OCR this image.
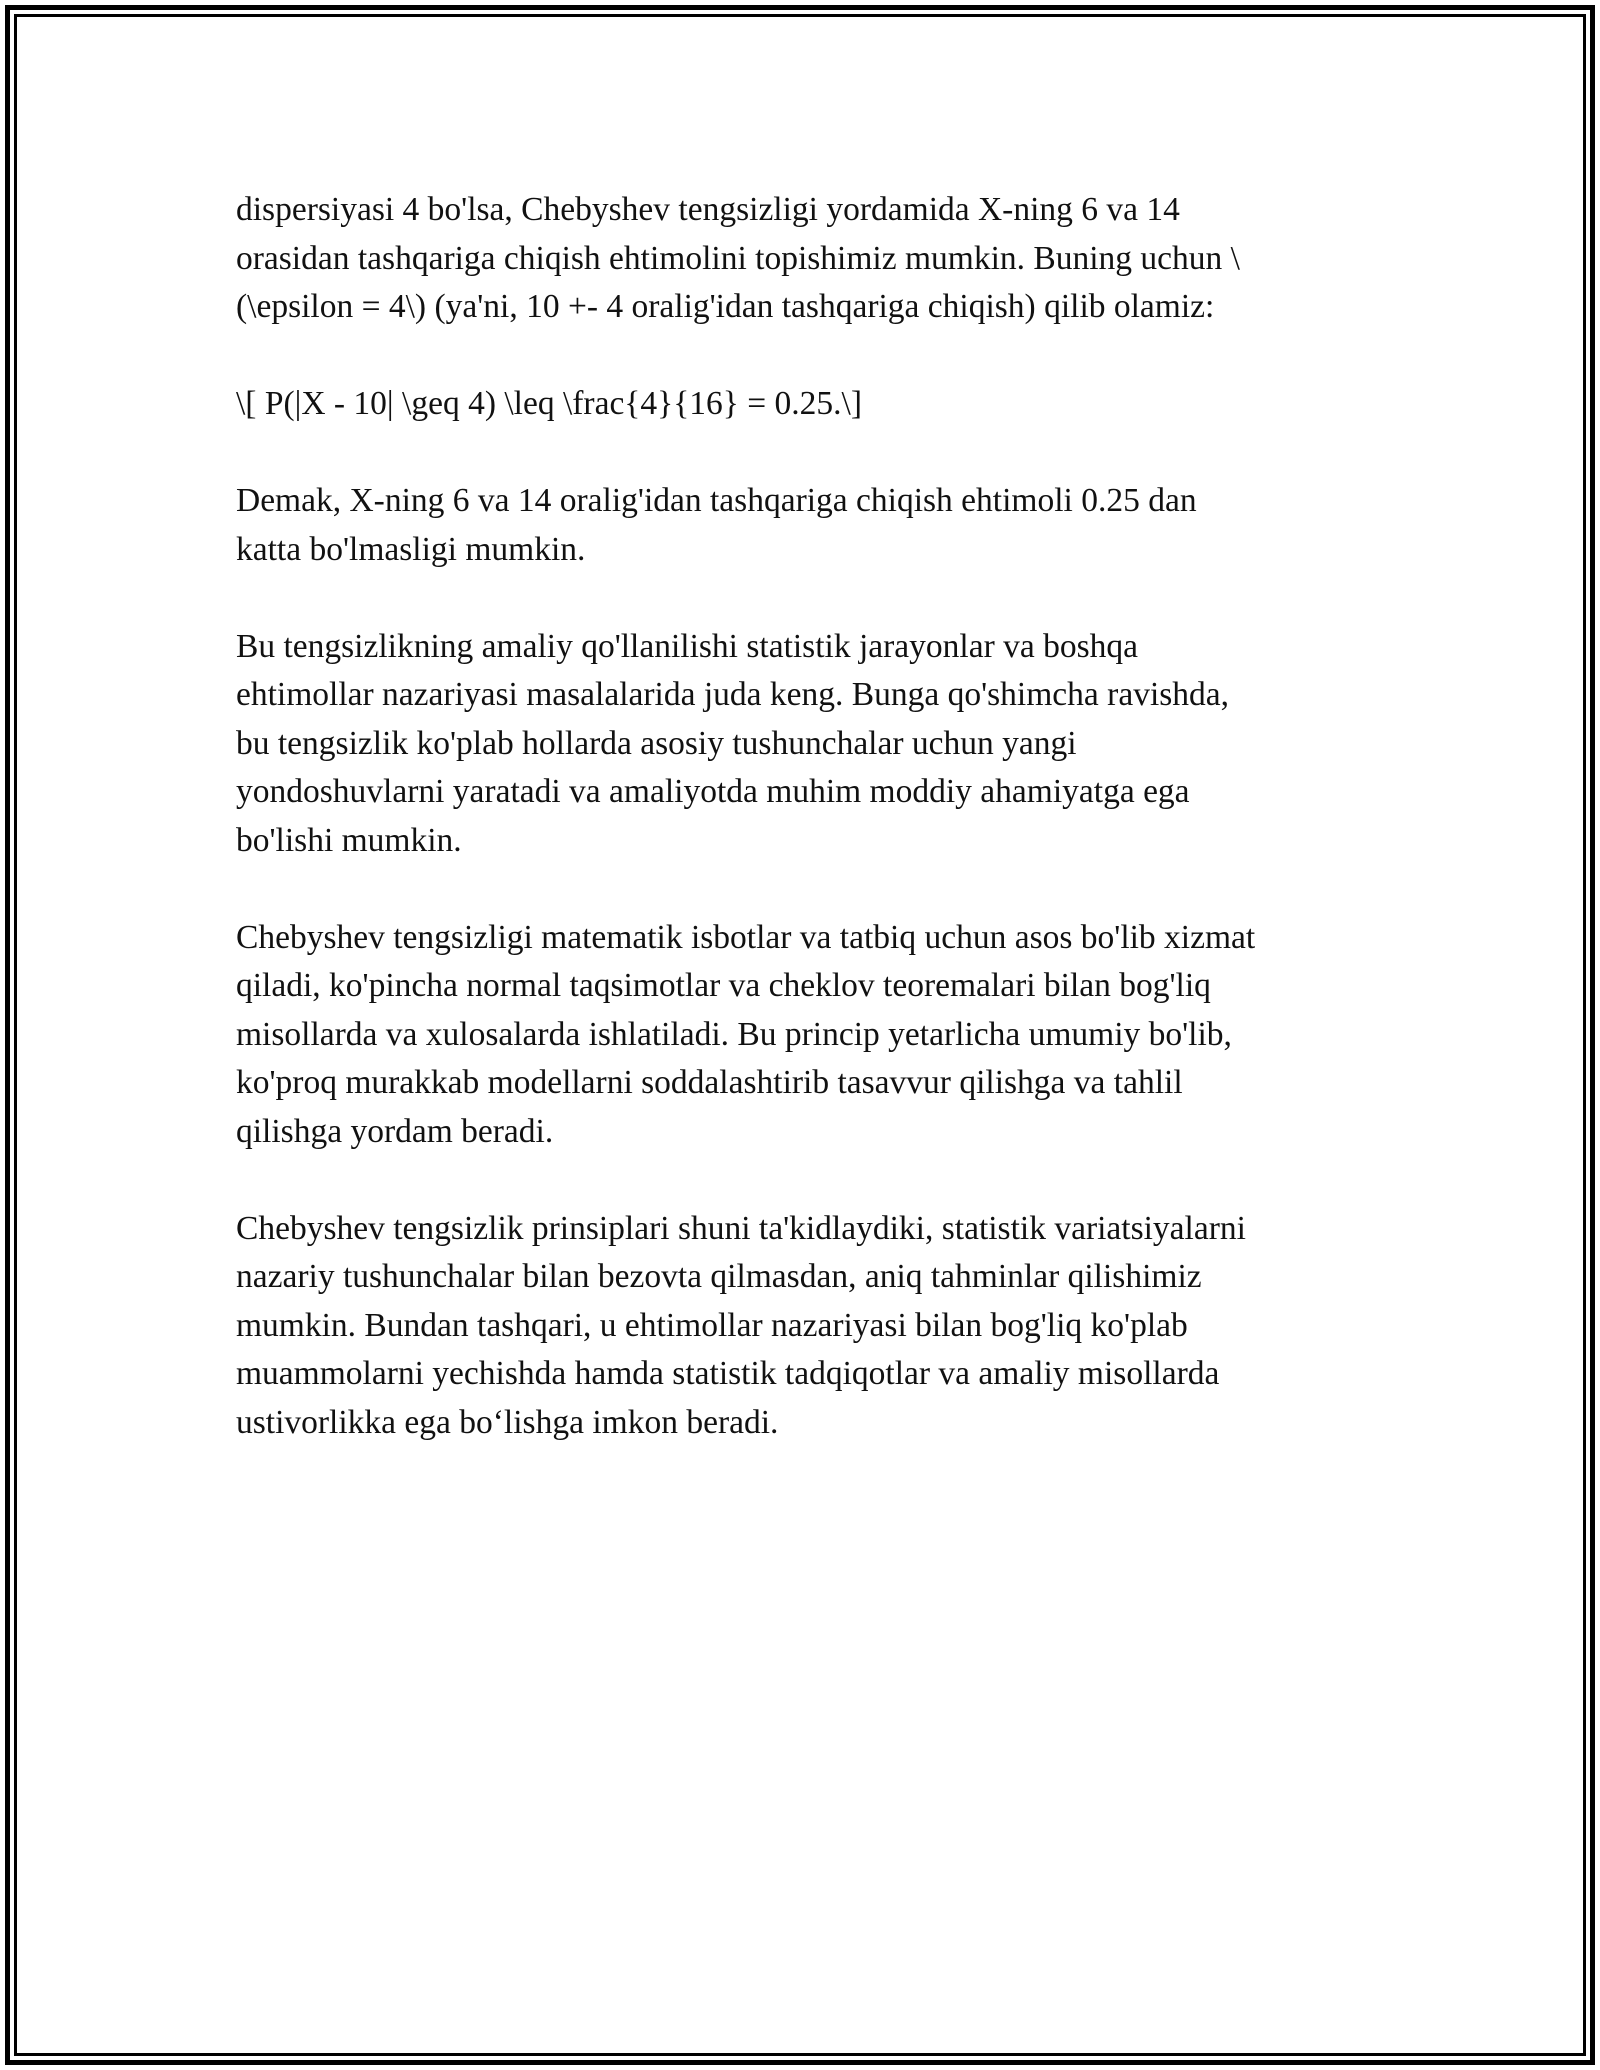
dispersiyasi 4 bo'lsa, Chebyshev tengsizligi yordamida X-ning 6 va 14
orasidan tashqariga chiqish ehtimolini topishimiz mumkin. Buning uchun \
(\epsilon = 4\) (ya'ni, 10 +- 4 oralig'idan tashqariga chiqish) qilib olamiz:

\[ P(|X - 10| \geq 4) \leq \frac{4}{16} = 0.25.\]

Demak, X-ning 6 va 14 oralig'idan tashqariga chiqish ehtimoli 0.25 dan
katta bo'lmasligi mumkin.

Bu tengsizlikning amaliy qo'llanilishi statistik jarayonlar va boshqa
ehtimollar nazariyasi masalalarida juda keng. Bunga qo'shimcha ravishda,
bu tengsizlik ko'plab hollarda asosiy tushunchalar uchun yangi
yondoshuvlarni yaratadi va amaliyotda muhim moddiy ahamiyatga ega
bo'lishi mumkin.

Chebyshev tengsizligi matematik isbotlar va tatbiq uchun asos bo'lib xizmat
qiladi, ko'pincha normal taqsimotlar va cheklov teoremalari bilan bog'liq
misollarda va xulosalarda ishlatiladi. Bu princip yetarlicha umumiy bo'lib,
ko'proq murakkab modellarni soddalashtirib tasavvur qilishga va tahlil
qilishga yordam beradi.

Chebyshev tengsizlik prinsiplari shuni ta'kidlaydiki, statistik variatsiyalarni
nazariy tushunchalar bilan bezovta qilmasdan, aniq tahminlar qilishimiz
mumkin. Bundan tashqari, u ehtimollar nazariyasi bilan bog'liq ko'plab
muammolarni yechishda hamda statistik tadqiqotlar va amaliy misollarda
ustivorlikka ega bo‘lishga imkon beradi.
